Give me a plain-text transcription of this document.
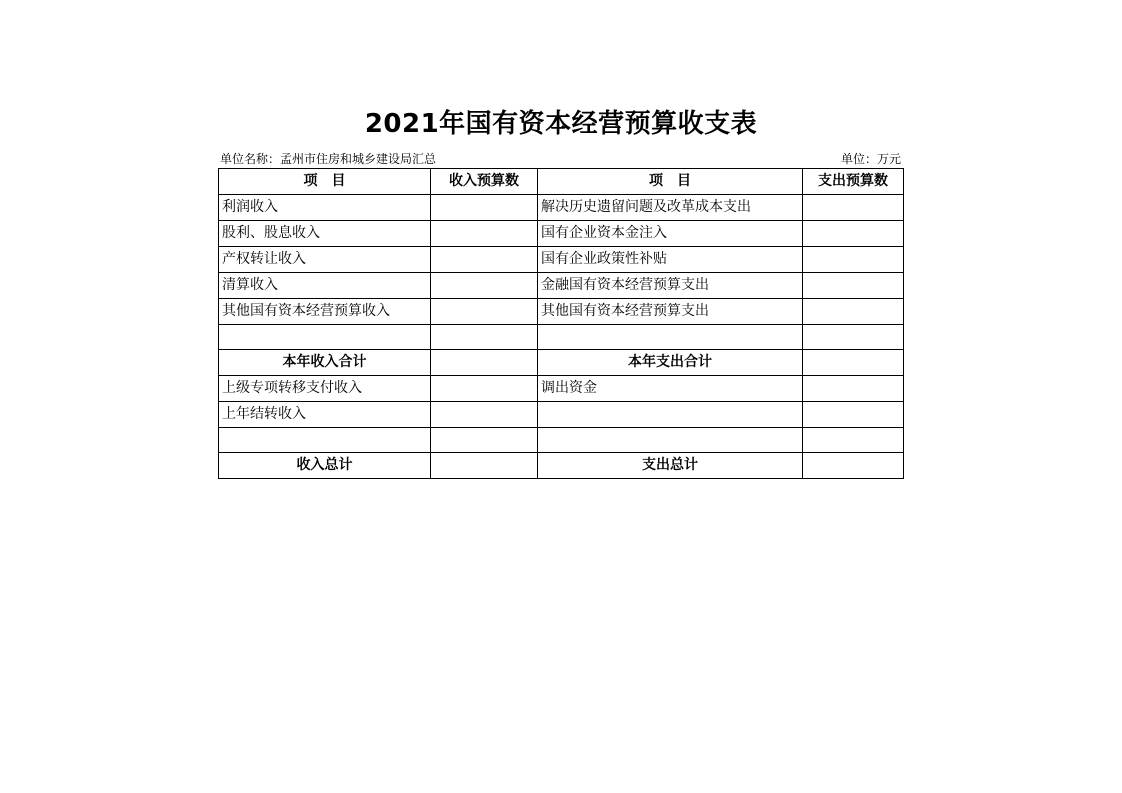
2021年国有资本经营预算收支表
单位名称：孟州市住房和城乡建设局汇总	单位：万元
项　目	收入预算数	项　目	支出预算数
利润收入		解决历史遗留问题及改革成本支出	
股利、股息收入		国有企业资本金注入	
产权转让收入		国有企业政策性补贴	
清算收入		金融国有资本经营预算支出	
其他国有资本经营预算收入		其他国有资本经营预算支出	

本年收入合计		本年支出合计	
上级专项转移支付收入		调出资金	
上年结转收入			

收入总计		支出总计	
